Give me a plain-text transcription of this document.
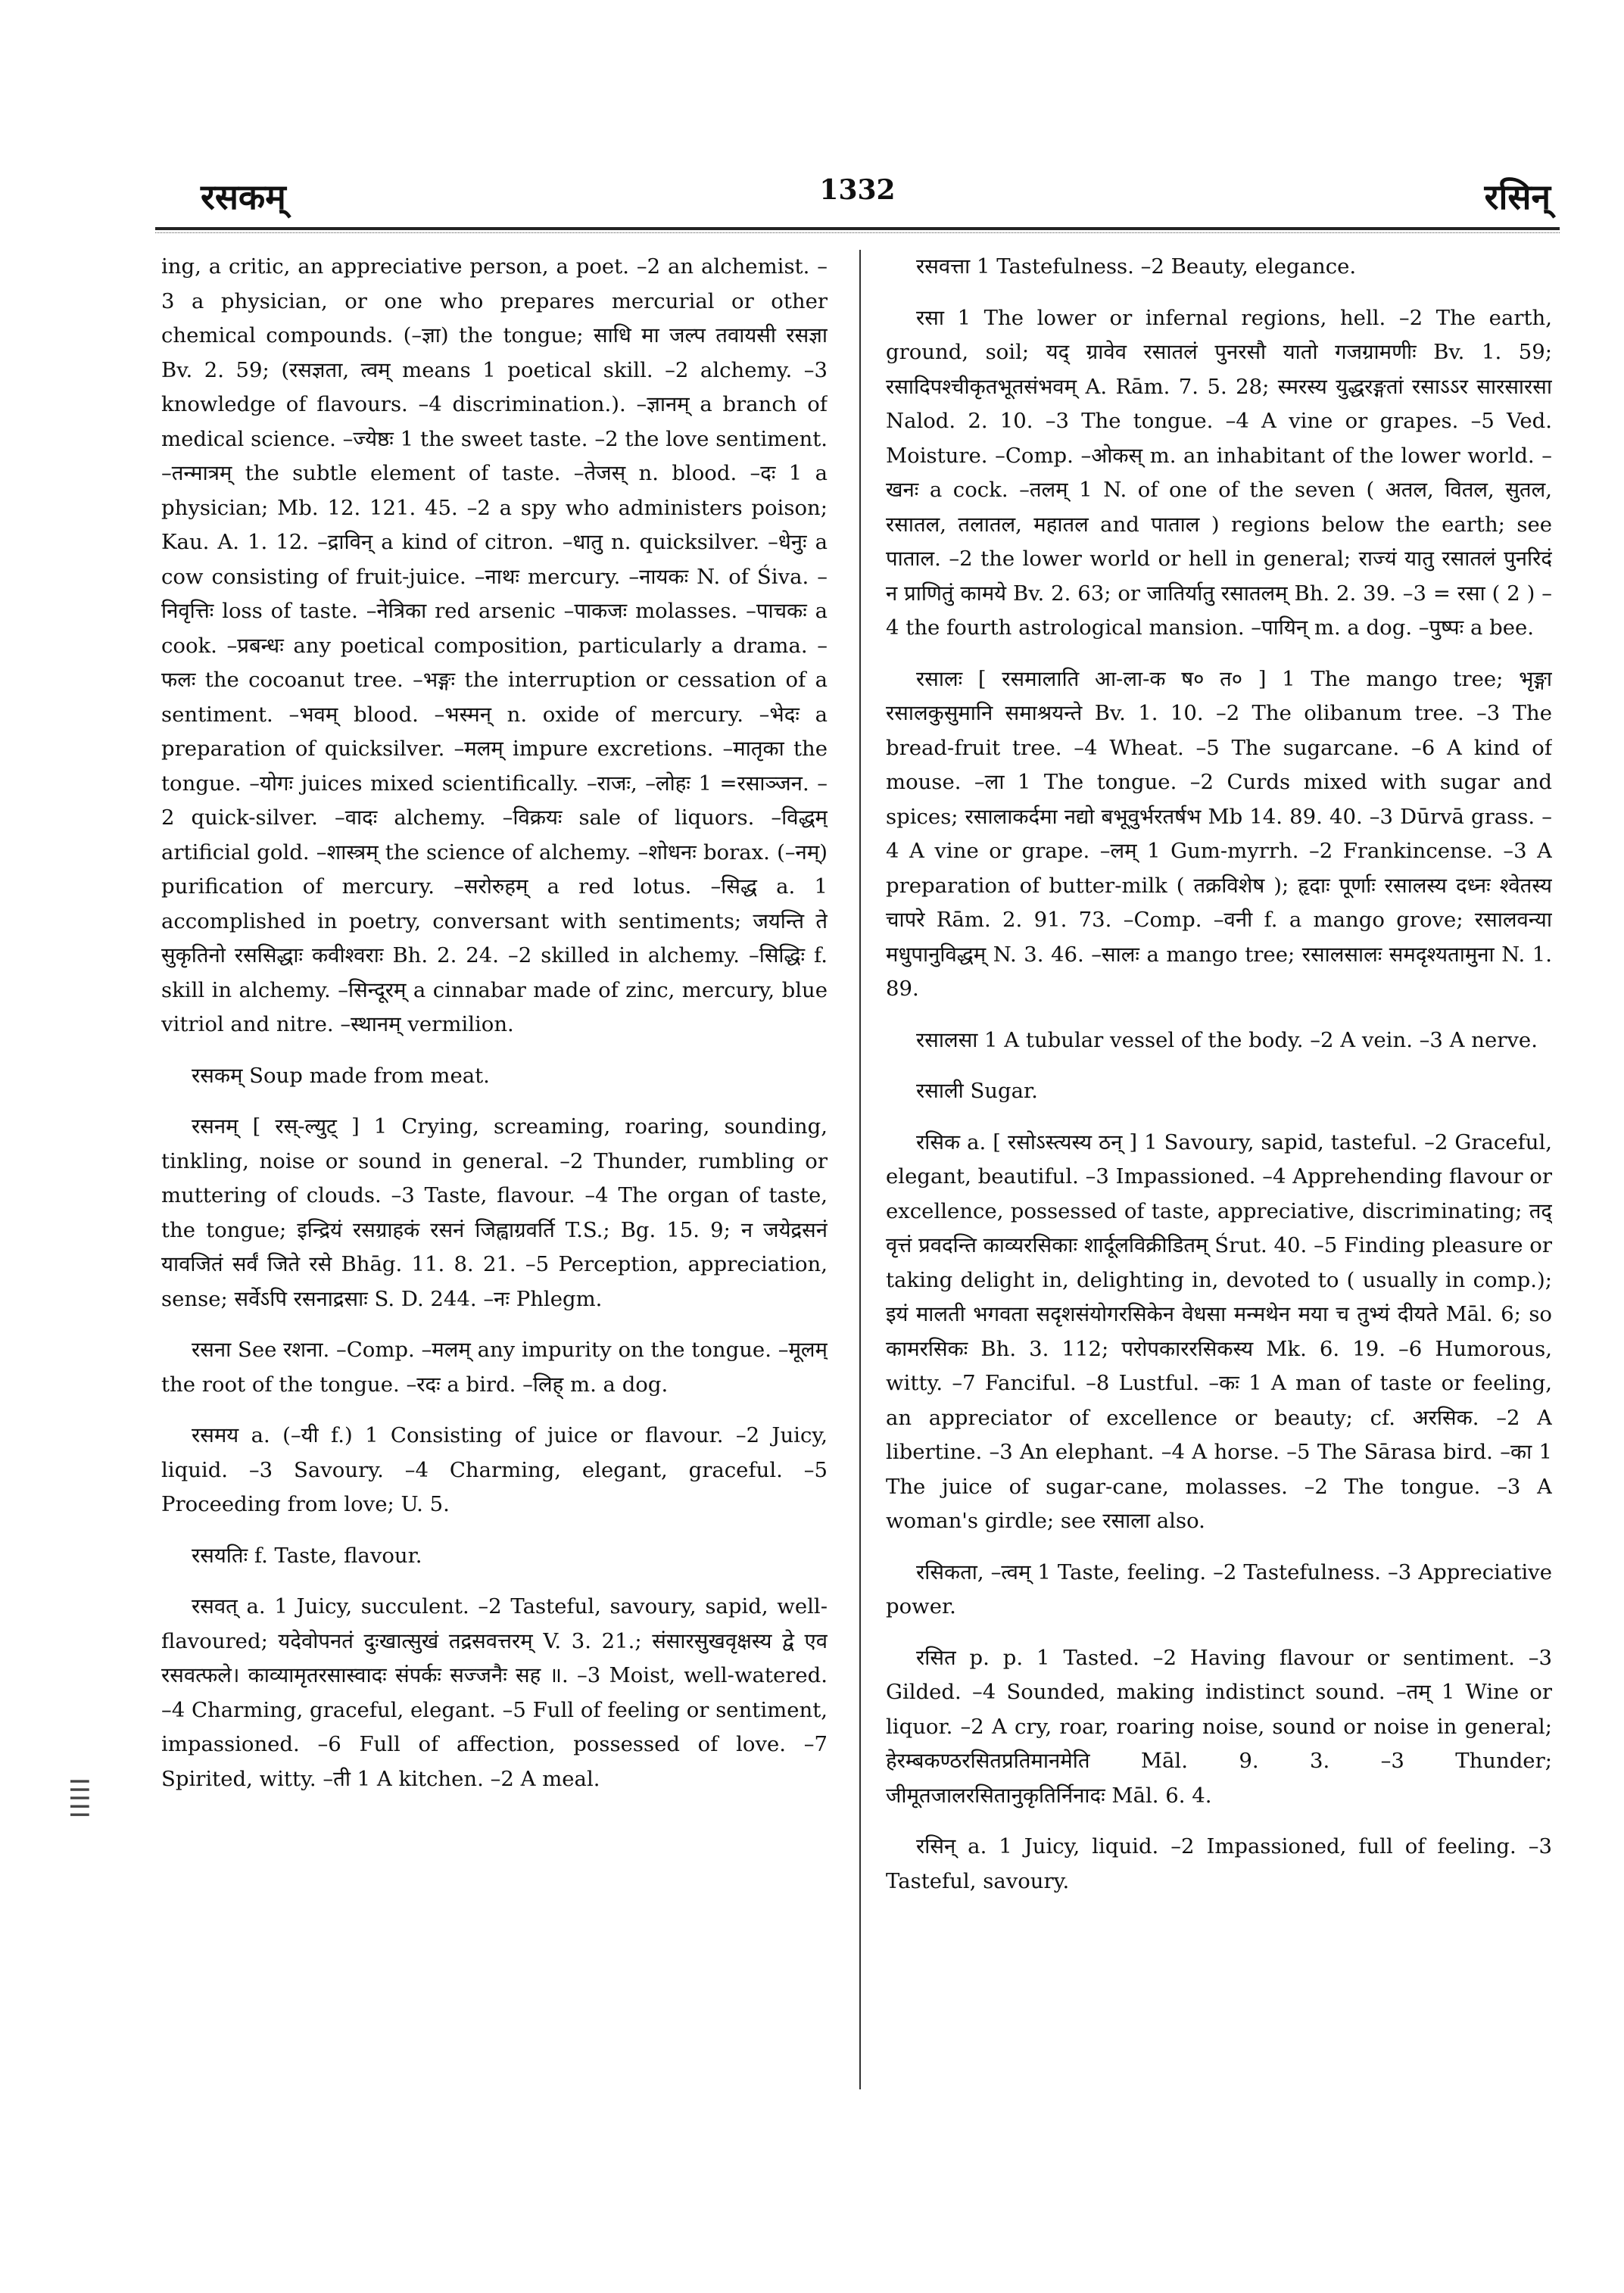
रसकम्	1332	रसिन्

ing, a critic, an appreciative person, a poet. –2 an alchemist. –3 a physician, or one who prepares mercurial or other chemical compounds. (–ज्ञा) the tongue; साधि मा जल्प तवायसी रसज्ञा Bv. 2. 59; (रसज्ञता, त्वम् means 1 poetical skill. –2 alchemy. –3 knowledge of flavours. –4 discrimination.). –ज्ञानम् a branch of medical science. –ज्येष्ठः 1 the sweet taste. –2 the love sentiment. –तन्मात्रम् the subtle element of taste. –तेजस् n. blood. –दः 1 a physician; Mb. 12. 121. 45. –2 a spy who administers poison; Kau. A. 1. 12. –द्राविन् a kind of citron. –धातु n. quicksilver. –धेनुः a cow consisting of fruit-juice. –नाथः mercury. –नायकः N. of Śiva. –निवृत्तिः loss of taste. –नेत्रिका red arsenic –पाकजः molasses. –पाचकः a cook. –प्रबन्धः any poetical composition, particularly a drama. –फलः the cocoanut tree. –भङ्गः the interruption or cessation of a sentiment. –भवम् blood. –भस्मन् n. oxide of mercury. –भेदः a preparation of quicksilver. –मलम् impure excretions. –मातृका the tongue. –योगः juices mixed scientifically. –राजः, –लोहः 1 =रसाञ्जन. –2 quick-silver. –वादः alchemy. –विक्रयः sale of liquors. –विद्धम् artificial gold. –शास्त्रम् the science of alchemy. –शोधनः borax. (–नम्) purification of mercury. –सरोरुहम् a red lotus. –सिद्ध a. 1 accomplished in poetry, conversant with sentiments; जयन्ति ते सुकृतिनो रससिद्धाः कवीश्वराः Bh. 2. 24. –2 skilled in alchemy. –सिद्धिः f. skill in alchemy. –सिन्दूरम् a cinnabar made of zinc, mercury, blue vitriol and nitre. –स्थानम् vermilion.

रसकम् Soup made from meat.

रसनम् [ रस्-ल्युट् ] 1 Crying, screaming, roaring, sounding, tinkling, noise or sound in general. –2 Thunder, rumbling or muttering of clouds. –3 Taste, flavour. –4 The organ of taste, the tongue; इन्द्रियं रसग्राहकं रसनं जिह्वाग्रवर्ति T.S.; Bg. 15. 9; न जयेद्रसनं यावजितं सर्वं जिते रसे Bhāg. 11. 8. 21. –5 Perception, appreciation, sense; सर्वेऽपि रसनाद्रसाः S. D. 244. –नः Phlegm.

रसना See रशना. –Comp. –मलम् any impurity on the tongue. –मूलम् the root of the tongue. –रदः a bird. –लिह् m. a dog.

रसमय a. (–यी f.) 1 Consisting of juice or flavour. –2 Juicy, liquid. –3 Savoury. –4 Charming, elegant, graceful. –5 Proceeding from love; U. 5.

रसयतिः f. Taste, flavour.

रसवत् a. 1 Juicy, succulent. –2 Tasteful, savoury, sapid, well-flavoured; यदेवोपनतं दुःखात्सुखं तद्रसवत्तरम् V. 3. 21.; संसारसुखवृक्षस्य द्वे एव रसवत्फले। काव्यामृतरसास्वादः संपर्कः सज्जनैः सह ॥. –3 Moist, well-watered. –4 Charming, graceful, elegant. –5 Full of feeling or sentiment, impassioned. –6 Full of affection, possessed of love. –7 Spirited, witty. –ती 1 A kitchen. –2 A meal.

रसवत्ता 1 Tastefulness. –2 Beauty, elegance.

रसा 1 The lower or infernal regions, hell. –2 The earth, ground, soil; यद् ग्रावेव रसातलं पुनरसौ यातो गजग्रामणीः Bv. 1. 59; रसादिपश्चीकृतभूतसंभवम् A. Rām. 7. 5. 28; स्मरस्य युद्धरङ्गतां रसाऽऽर सारसारसा Nalod. 2. 10. –3 The tongue. –4 A vine or grapes. –5 Ved. Moisture. –Comp. –ओकस् m. an inhabitant of the lower world. –खनः a cock. –तलम् 1 N. of one of the seven ( अतल, वितल, सुतल, रसातल, तलातल, महातल and पाताल ) regions below the earth; see पाताल. –2 the lower world or hell in general; राज्यं यातु रसातलं पुनरिदं न प्राणितुं कामये Bv. 2. 63; or जातिर्यातु रसातलम् Bh. 2. 39. –3 = रसा ( 2 ) –4 the fourth astrological mansion. –पायिन् m. a dog. –पुष्पः a bee.

रसालः [ रसमालाति आ-ला-क ष० त० ] 1 The mango tree; भृङ्गा रसालकुसुमानि समाश्रयन्ते Bv. 1. 10. –2 The olibanum tree. –3 The bread-fruit tree. –4 Wheat. –5 The sugarcane. –6 A kind of mouse. –ला 1 The tongue. –2 Curds mixed with sugar and spices; रसालाकर्दमा नद्यो बभूवुर्भरतर्षभ Mb 14. 89. 40. –3 Dūrvā grass. –4 A vine or grape. –लम् 1 Gum-myrrh. –2 Frankincense. –3 A preparation of butter-milk ( तक्रविशेष ); हृदाः पूर्णाः रसालस्य दध्नः श्वेतस्य चापरे Rām. 2. 91. 73. –Comp. –वनी f. a mango grove; रसालवन्या मधुपानुविद्धम् N. 3. 46. –सालः a mango tree; रसालसालः समदृश्यतामुना N. 1. 89.

रसालसा 1 A tubular vessel of the body. –2 A vein. –3 A nerve.

रसाली Sugar.

रसिक a. [ रसोऽस्त्यस्य ठन् ] 1 Savoury, sapid, tasteful. –2 Graceful, elegant, beautiful. –3 Impassioned. –4 Apprehending flavour or excellence, possessed of taste, appreciative, discriminating; तद् वृत्तं प्रवदन्ति काव्यरसिकाः शार्दूलविक्रीडितम् Śrut. 40. –5 Finding pleasure or taking delight in, delighting in, devoted to ( usually in comp.); इयं मालती भगवता सदृशसंयोगरसिकेन वेधसा मन्मथेन मया च तुभ्यं दीयते Māl. 6; so कामरसिकः Bh. 3. 112; परोपकाररसिकस्य Mk. 6. 19. –6 Humorous, witty. –7 Fanciful. –8 Lustful. –कः 1 A man of taste or feeling, an appreciator of excellence or beauty; cf. अरसिक. –2 A libertine. –3 An elephant. –4 A horse. –5 The Sārasa bird. –का 1 The juice of sugar-cane, molasses. –2 The tongue. –3 A woman's girdle; see रसाला also.

रसिकता, –त्वम् 1 Taste, feeling. –2 Tastefulness. –3 Appreciative power.

रसित p. p. 1 Tasted. –2 Having flavour or sentiment. –3 Gilded. –4 Sounded, making indistinct sound. –तम् 1 Wine or liquor. –2 A cry, roar, roaring noise, sound or noise in general; हेरम्बकण्ठरसितप्रतिमानमेति Māl. 9. 3. –3 Thunder; जीमूतजालरसितानुकृतिर्निनादः Māl. 6. 4.

रसिन् a. 1 Juicy, liquid. –2 Impassioned, full of feeling. –3 Tasteful, savoury.

IIIII
